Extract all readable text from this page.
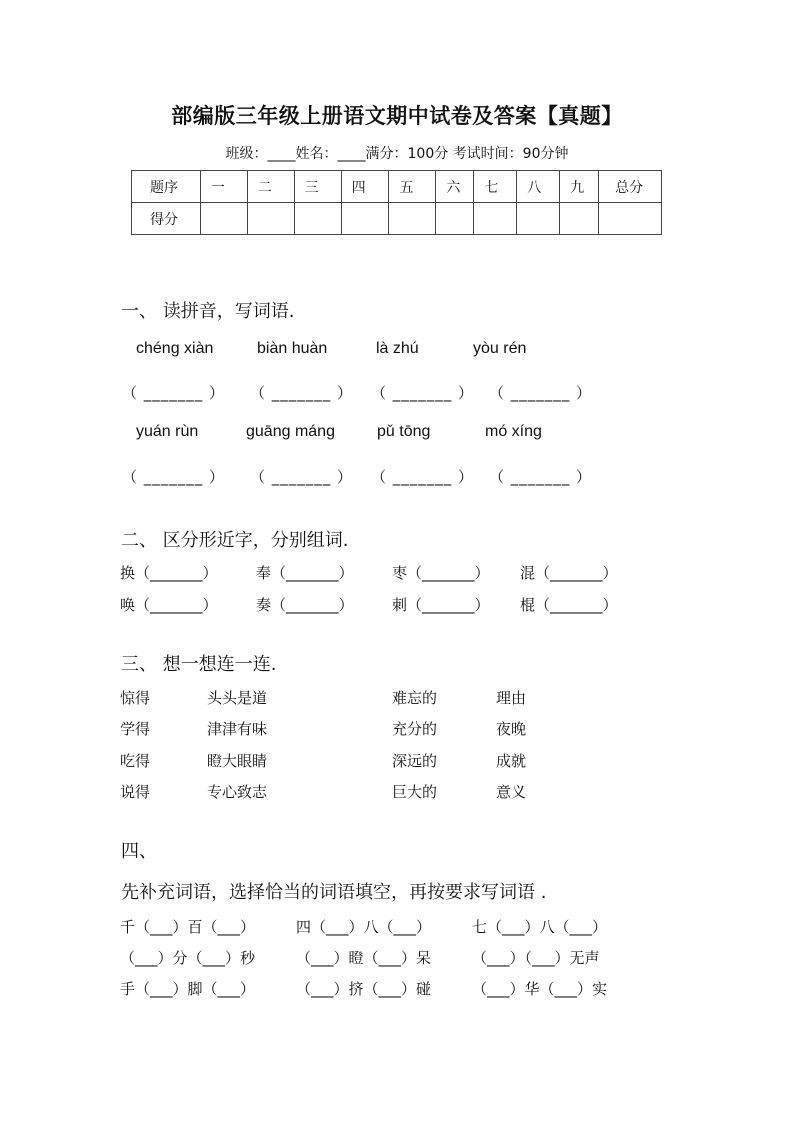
部编版三年级上册语文期中试卷及答案【真题】
班级：____姓名：____满分：100分 考试时间：90分钟
题序	一	二	三	四	五	六	七	八	九	总分
得分										
一、 读拼音，写词语.
chéng xiàn	biàn huàn	là zhú	yòu rén
（ _______ ） （ _______ ） （ _______ ） （ _______ ）
yuán rùn	guāng máng	pǔ tōng	mó xíng
（ _______ ） （ _______ ） （ _______ ） （ _______ ）
二、 区分形近字，分别组词.
换（_______）	奉（_______）	枣（_______） 混（_______）
唤（_______）	奏（_______）	刺（_______） 棍（_______）
三、 想一想连一连.
惊得	头头是道	难忘的	理由
学得	津津有味	充分的	夜晚
吃得	瞪大眼睛	深远的	成就
说得	专心致志	巨大的	意义
四、
先补充词语，选择恰当的词语填空，再按要求写词语 .
千（___）百（___）	四（___）八（___）	七（___）八（___）
（___）分（___）秒	（___）瞪（___）呆	（___）（___）无声
手（___）脚（___）	（___）挤（___）碰	（___）华（___）实
